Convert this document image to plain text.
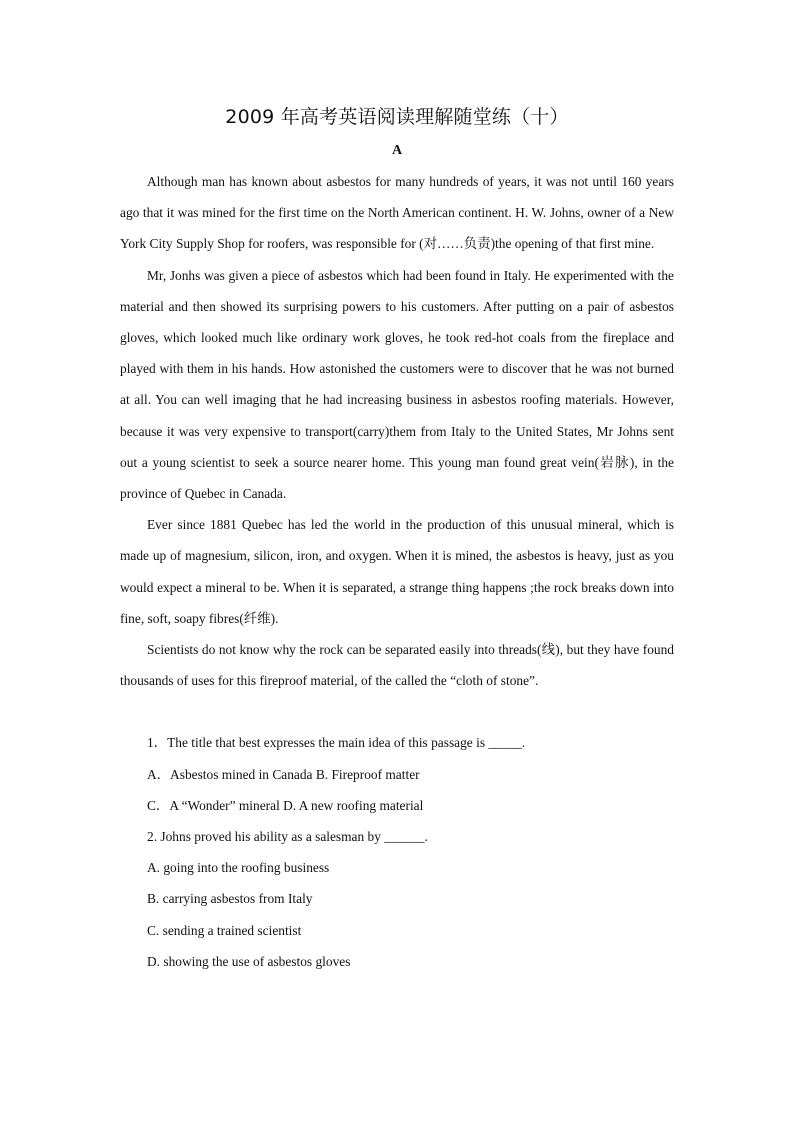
2009 年高考英语阅读理解随堂练（十）
A

Although man has known about asbestos for many hundreds of years, it was not until 160 years ago that it was mined for the first time on the North American continent. H. W. Johns, owner of a New York City Supply Shop for roofers, was responsible for (对……负责)the opening of that first mine.

Mr, Jonhs was given a piece of asbestos which had been found in Italy. He experimented with the material and then showed its surprising powers to his customers. After putting on a pair of asbestos gloves, which looked much like ordinary work gloves, he took red-hot coals from the fireplace and played with them in his hands. How astonished the customers were to discover that he was not burned at all. You can well imaging that he had increasing business in asbestos roofing materials. However, because it was very expensive to transport(carry)them from Italy to the United States, Mr Johns sent out a young scientist to seek a source nearer home. This young man found great vein(岩脉), in the province of Quebec in Canada.

Ever since 1881 Quebec has led the world in the production of this unusual mineral, which is made up of magnesium, silicon, iron, and oxygen. When it is mined, the asbestos is heavy, just as you would expect a mineral to be. When it is separated, a strange thing happens ;the rock breaks down into fine, soft, soapy fibres(纤维).

Scientists do not know why the rock can be separated easily into threads(线), but they have found thousands of uses for this fireproof material, of the called the “cloth of stone”.

1．The title that best expresses the main idea of this passage is _____.

A．Asbestos mined in Canada B. Fireproof matter

C．A “Wonder” mineral D. A new roofing material

2. Johns proved his ability as a salesman by ______.

A. going into the roofing business

B. carrying asbestos from Italy

C. sending a trained scientist

D. showing the use of asbestos gloves
